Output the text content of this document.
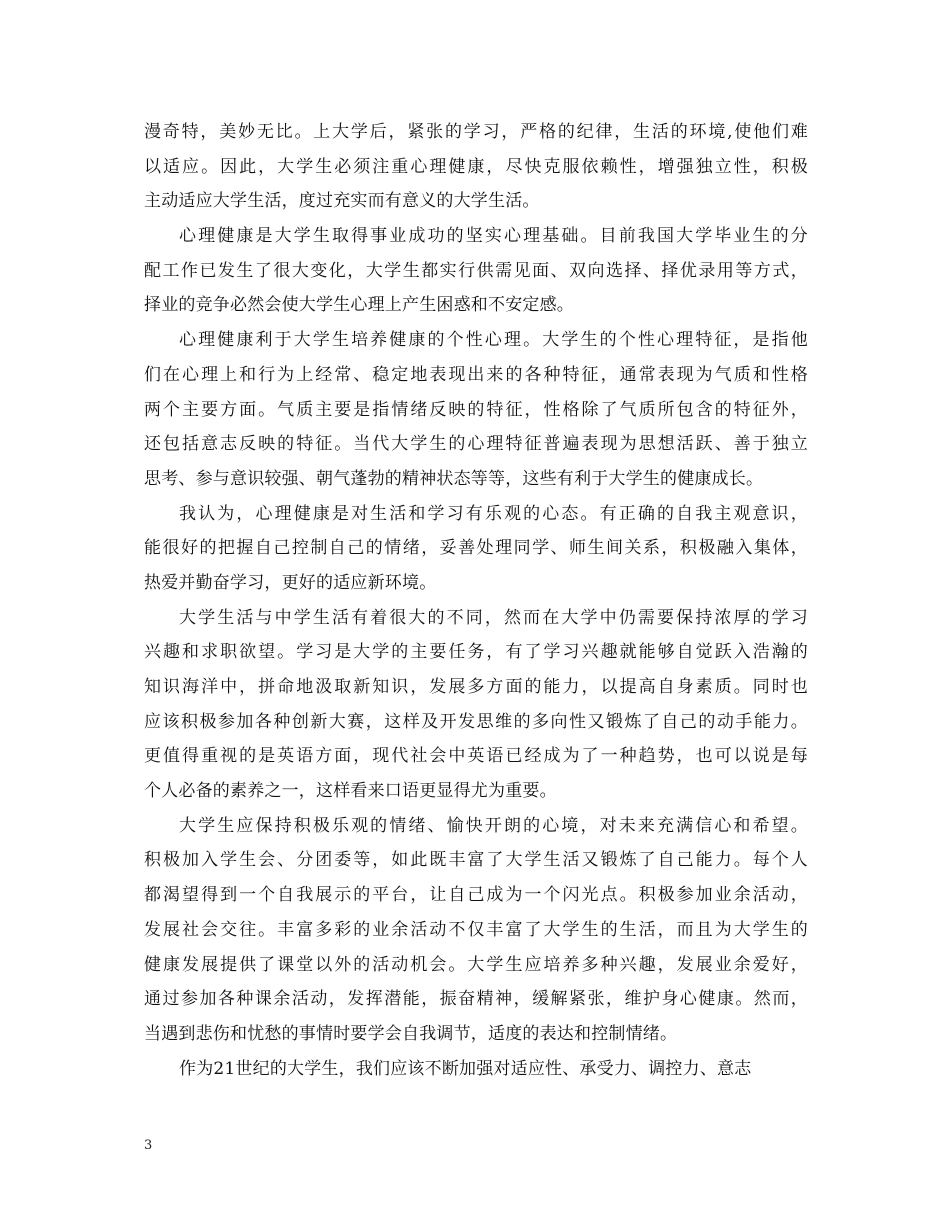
漫奇特，美妙无比。上大学后，紧张的学习，严格的纪律，生活的环境,使他们难
以适应。因此，大学生必须注重心理健康，尽快克服依赖性，增强独立性，积极
主动适应大学生活，度过充实而有意义的大学生活。
心理健康是大学生取得事业成功的坚实心理基础。目前我国大学毕业生的分
配工作已发生了很大变化，大学生都实行供需见面、双向选择、择优录用等方式，
择业的竞争必然会使大学生心理上产生困惑和不安定感。
心理健康利于大学生培养健康的个性心理。大学生的个性心理特征，是指他
们在心理上和行为上经常、稳定地表现出来的各种特征，通常表现为气质和性格
两个主要方面。气质主要是指情绪反映的特征，性格除了气质所包含的特征外，
还包括意志反映的特征。当代大学生的心理特征普遍表现为思想活跃、善于独立
思考、参与意识较强、朝气蓬勃的精神状态等等，这些有利于大学生的健康成长。
我认为，心理健康是对生活和学习有乐观的心态。有正确的自我主观意识，
能很好的把握自己控制自己的情绪，妥善处理同学、师生间关系，积极融入集体，
热爱并勤奋学习，更好的适应新环境。
大学生活与中学生活有着很大的不同，然而在大学中仍需要保持浓厚的学习
兴趣和求职欲望。学习是大学的主要任务，有了学习兴趣就能够自觉跃入浩瀚的
知识海洋中，拼命地汲取新知识，发展多方面的能力，以提高自身素质。同时也
应该积极参加各种创新大赛，这样及开发思维的多向性又锻炼了自己的动手能力。
更值得重视的是英语方面，现代社会中英语已经成为了一种趋势，也可以说是每
个人必备的素养之一，这样看来口语更显得尤为重要。
大学生应保持积极乐观的情绪、愉快开朗的心境，对未来充满信心和希望。
积极加入学生会、分团委等，如此既丰富了大学生活又锻炼了自己能力。每个人
都渴望得到一个自我展示的平台，让自己成为一个闪光点。积极参加业余活动，
发展社会交往。丰富多彩的业余活动不仅丰富了大学生的生活，而且为大学生的
健康发展提供了课堂以外的活动机会。大学生应培养多种兴趣，发展业余爱好，
通过参加各种课余活动，发挥潜能，振奋精神，缓解紧张，维护身心健康。然而，
当遇到悲伤和忧愁的事情时要学会自我调节，适度的表达和控制情绪。
作为21世纪的大学生，我们应该不断加强对适应性、承受力、调控力、意志
3
